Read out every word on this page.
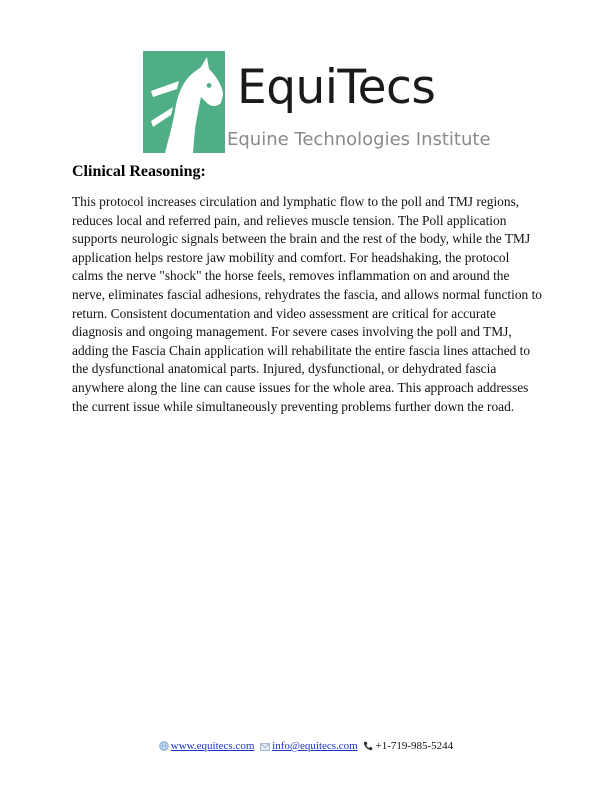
EquiTecs
Equine Technologies Institute
Clinical Reasoning:

This protocol increases circulation and lymphatic flow to the poll and TMJ regions, reduces local and referred pain, and relieves muscle tension. The Poll application supports neurologic signals between the brain and the rest of the body, while the TMJ application helps restore jaw mobility and comfort. For headshaking, the protocol calms the nerve "shock" the horse feels, removes inflammation on and around the nerve, eliminates fascial adhesions, rehydrates the fascia, and allows normal function to return. Consistent documentation and video assessment are critical for accurate diagnosis and ongoing management. For severe cases involving the poll and TMJ, adding the Fascia Chain application will rehabilitate the entire fascia lines attached to the dysfunctional anatomical parts. Injured, dysfunctional, or dehydrated fascia anywhere along the line can cause issues for the whole area. This approach addresses the current issue while simultaneously preventing problems further down the road.

www.equitecs.com info@equitecs.com +1-719-985-5244
